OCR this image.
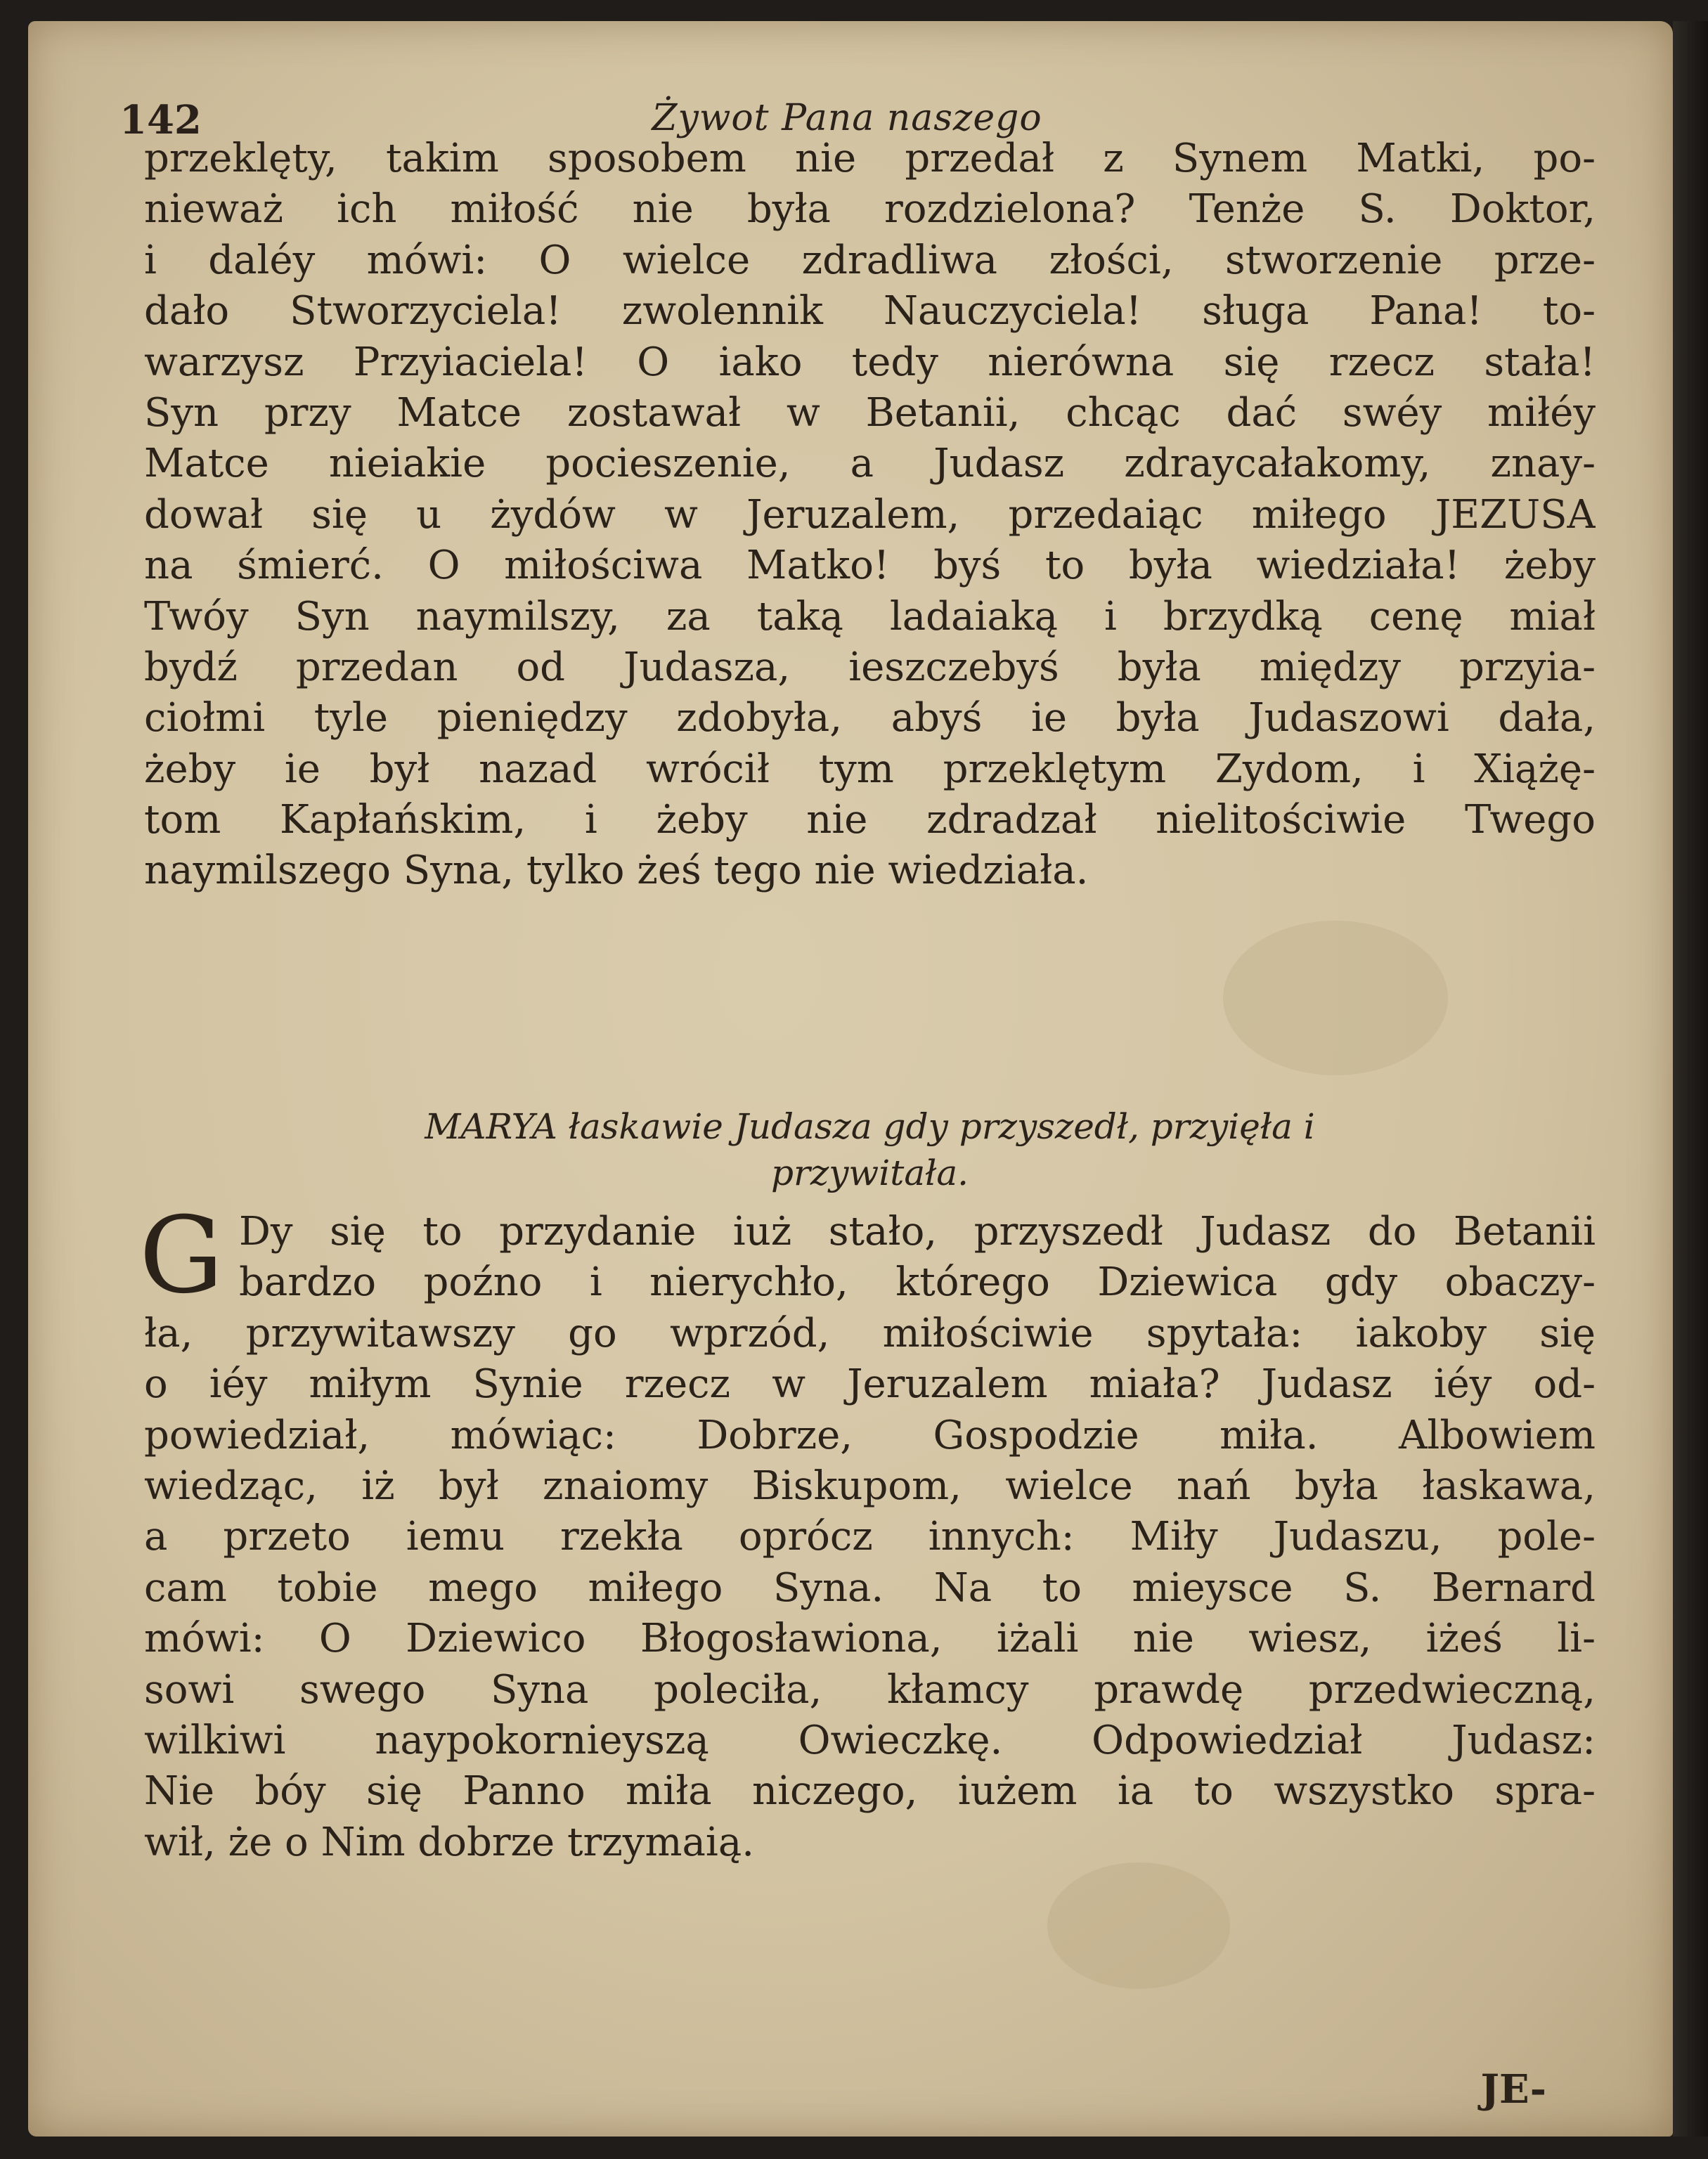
142	Żywot Pana naszego
przeklęty, takim sposobem nie przedał z Synem Matki, po-
nieważ ich miłość nie była rozdzielona? Tenże S. Doktor,
i daléy mówi: O wielce zdradliwa złości, stworzenie prze-
dało Stworzyciela! zwolennik Nauczyciela! sługa Pana! to-
warzysz Przyiaciela! O iako tedy nierówna się rzecz stała!
Syn przy Matce zostawał w Betanii, chcąc dać swéy miłéy
Matce nieiakie pocieszenie, a Judasz zdraycałakomy, znay-
dował się u żydów w Jeruzalem, przedaiąc miłego JEZUSA
na śmierć. O miłościwa Matko! byś to była wiedziała! żeby
Twóy Syn naymilszy, za taką ladaiaką i brzydką cenę miał
bydź przedan od Judasza, ieszczebyś była między przyia-
ciołmi tyle pieniędzy zdobyła, abyś ie była Judaszowi dała,
żeby ie był nazad wrócił tym przeklętym Zydom, i Xiążę-
tom Kapłańskim, i żeby nie zdradzał nielitościwie Twego
naymilszego Syna, tylko żeś tego nie wiedziała.
MARYA łaskawie Judasza gdy przyszedł, przyięła i
przywitała.
G Dy się to przydanie iuż stało, przyszedł Judasz do Betanii
bardzo poźno i nierychło, którego Dziewica gdy obaczy-
ła, przywitawszy go wprzód, miłościwie spytała: iakoby się
o iéy miłym Synie rzecz w Jeruzalem miała? Judasz iéy od-
powiedział, mówiąc: Dobrze, Gospodzie miła. Albowiem
wiedząc, iż był znaiomy Biskupom, wielce nań była łaskawa,
a przeto iemu rzekła oprócz innych: Miły Judaszu, pole-
cam tobie mego miłego Syna. Na to mieysce S. Bernard
mówi: O Dziewico Błogosławiona, iżali nie wiesz, iżeś li-
sowi swego Syna poleciła, kłamcy prawdę przedwieczną,
wilkiwi naypokornieyszą Owieczkę. Odpowiedział Judasz:
Nie bóy się Panno miła niczego, iużem ia to wszystko spra-
wił, że o Nim dobrze trzymaią.
JE-
